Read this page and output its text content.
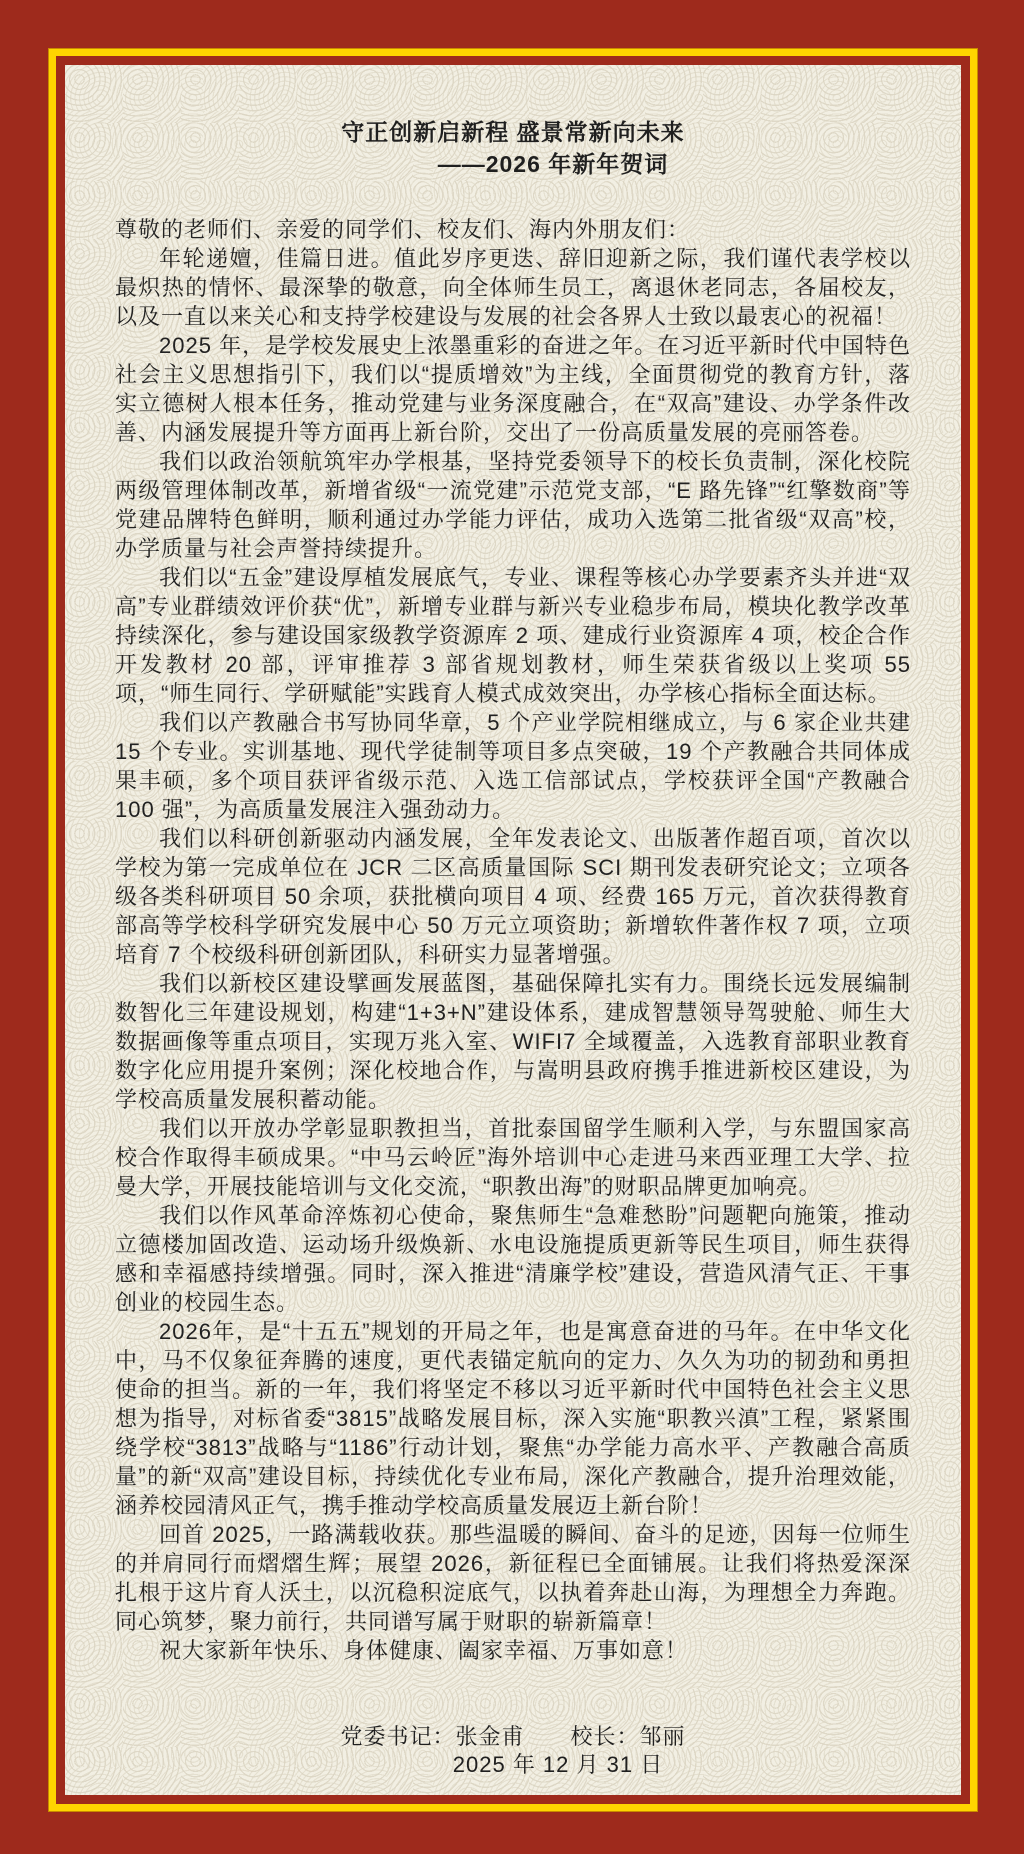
守正创新启新程 盛景常新向未来
——2026 年新年贺词

尊敬的老师们、亲爱的同学们、校友们、海内外朋友们：

年轮递嬗，佳篇日进。值此岁序更迭、辞旧迎新之际，我们谨代表学校以最炽热的情怀、最深挚的敬意，向全体师生员工，离退休老同志，各届校友，以及一直以来关心和支持学校建设与发展的社会各界人士致以最衷心的祝福！

2025 年，是学校发展史上浓墨重彩的奋进之年。在习近平新时代中国特色社会主义思想指引下，我们以“提质增效”为主线，全面贯彻党的教育方针，落实立德树人根本任务，推动党建与业务深度融合，在“双高”建设、办学条件改善、内涵发展提升等方面再上新台阶，交出了一份高质量发展的亮丽答卷。

我们以政治领航筑牢办学根基，坚持党委领导下的校长负责制，深化校院两级管理体制改革，新增省级“一流党建”示范党支部，“E 路先锋”“红擎数商”等党建品牌特色鲜明，顺利通过办学能力评估，成功入选第二批省级“双高”校，办学质量与社会声誉持续提升。

我们以“五金”建设厚植发展底气，专业、课程等核心办学要素齐头并进“双高”专业群绩效评价获“优”，新增专业群与新兴专业稳步布局，模块化教学改革持续深化，参与建设国家级教学资源库 2 项、建成行业资源库 4 项，校企合作开发教材 20 部，评审推荐 3 部省规划教材，师生荣获省级以上奖项 55 项，“师生同行、学研赋能”实践育人模式成效突出，办学核心指标全面达标。

我们以产教融合书写协同华章，5 个产业学院相继成立，与 6 家企业共建 15 个专业。实训基地、现代学徒制等项目多点突破，19 个产教融合共同体成果丰硕，多个项目获评省级示范、入选工信部试点，学校获评全国“产教融合 100 强”，为高质量发展注入强劲动力。

我们以科研创新驱动内涵发展，全年发表论文、出版著作超百项，首次以学校为第一完成单位在 JCR 二区高质量国际 SCI 期刊发表研究论文；立项各级各类科研项目 50 余项，获批横向项目 4 项、经费 165 万元，首次获得教育部高等学校科学研究发展中心 50 万元立项资助；新增软件著作权 7 项，立项培育 7 个校级科研创新团队，科研实力显著增强。

我们以新校区建设擘画发展蓝图，基础保障扎实有力。围绕长远发展编制数智化三年建设规划，构建“1+3+N”建设体系，建成智慧领导驾驶舱、师生大数据画像等重点项目，实现万兆入室、WIFI7 全域覆盖，入选教育部职业教育数字化应用提升案例；深化校地合作，与嵩明县政府携手推进新校区建设，为学校高质量发展积蓄动能。

我们以开放办学彰显职教担当，首批泰国留学生顺利入学，与东盟国家高校合作取得丰硕成果。“中马云岭匠”海外培训中心走进马来西亚理工大学、拉曼大学，开展技能培训与文化交流，“职教出海”的财职品牌更加响亮。

我们以作风革命淬炼初心使命，聚焦师生“急难愁盼”问题靶向施策，推动立德楼加固改造、运动场升级焕新、水电设施提质更新等民生项目，师生获得感和幸福感持续增强。同时，深入推进“清廉学校”建设，营造风清气正、干事创业的校园生态。

2026年，是“十五五”规划的开局之年，也是寓意奋进的马年。在中华文化中，马不仅象征奔腾的速度，更代表锚定航向的定力、久久为功的韧劲和勇担使命的担当。新的一年，我们将坚定不移以习近平新时代中国特色社会主义思想为指导，对标省委“3815”战略发展目标，深入实施“职教兴滇”工程，紧紧围绕学校“3813”战略与“1186”行动计划，聚焦“办学能力高水平、产教融合高质量”的新“双高”建设目标，持续优化专业布局，深化产教融合，提升治理效能，涵养校园清风正气，携手推动学校高质量发展迈上新台阶！

回首 2025，一路满载收获。那些温暖的瞬间、奋斗的足迹，因每一位师生的并肩同行而熠熠生辉；展望 2026，新征程已全面铺展。让我们将热爱深深扎根于这片育人沃土，以沉稳积淀底气，以执着奔赴山海，为理想全力奔跑。同心筑梦，聚力前行，共同谱写属于财职的崭新篇章！

祝大家新年快乐、身体健康、阖家幸福、万事如意！

党委书记：张金甫　　校长：邹丽
2025 年 12 月 31 日
